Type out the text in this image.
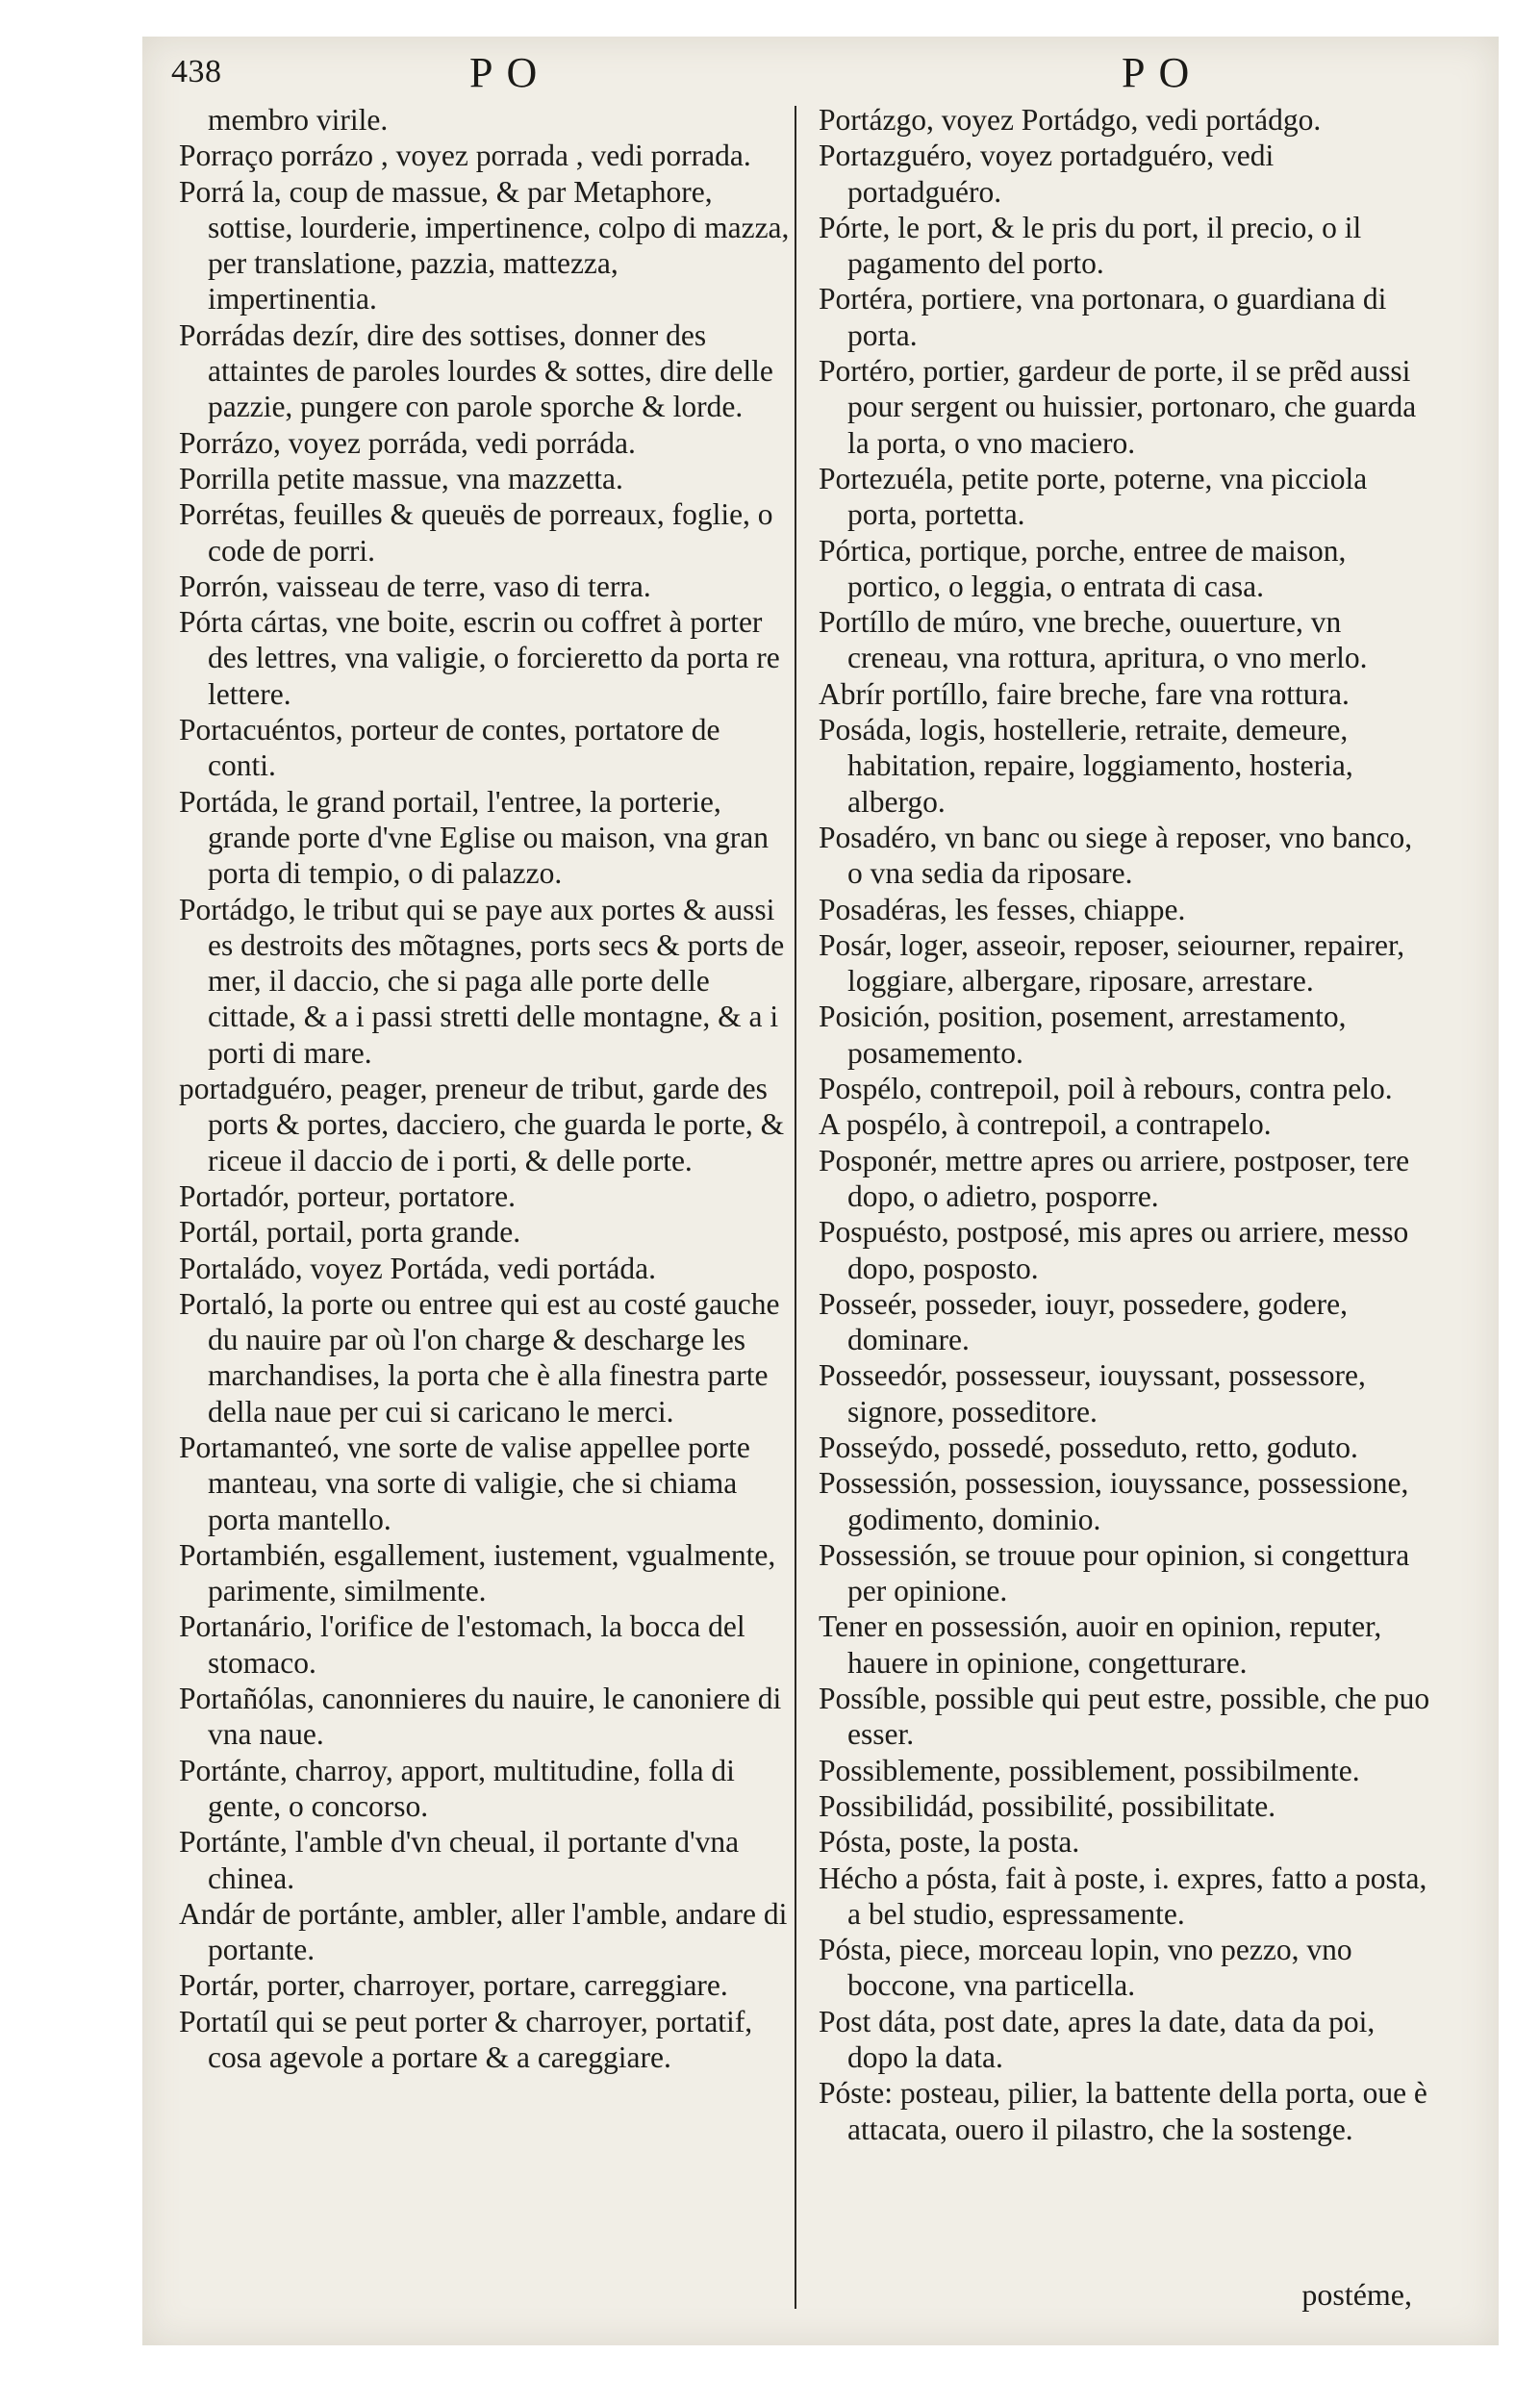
438	PO	PO

membro virile.

Porraço porrázo , voyez porrada , vedi porrada.

Porrá la, coup de massue, & par Metaphore, sottise, lourderie, impertinence, colpo di mazza, per translatione, pazzia, mattezza, impertinentia.

Porrádas dezír, dire des sottises, donner des attaintes de paroles lourdes & sottes, dire delle pazzie, pungere con parole sporche & lorde.

Porrázo, voyez porráda, vedi porráda.

Porrilla petite massue, vna mazzetta.

Porrétas, feuilles & queuës de porreaux, foglie, o code de porri.

Porrón, vaisseau de terre, vaso di terra.

Pórta cártas, vne boite, escrin ou coffret à porter des lettres, vna valigie, o forcieretto da porta re lettere.

Portacuéntos, porteur de contes, portatore de conti.

Portáda, le grand portail, l'entree, la porterie, grande porte d'vne Eglise ou maison, vna gran porta di tempio, o di palazzo.

Portádgo, le tribut qui se paye aux portes & aussi es destroits des mõtagnes, ports secs & ports de mer, il daccio, che si paga alle porte delle cittade, & a i passi stretti delle montagne, & a i porti di mare.

portadguéro, peager, preneur de tribut, garde des ports & portes, dacciero, che guarda le porte, & riceue il daccio de i porti, & delle porte.

Portadór, porteur, portatore.

Portál, portail, porta grande.

Portaládo, voyez Portáda, vedi portáda.

Portaló, la porte ou entree qui est au costé gauche du nauire par où l'on charge & descharge les marchandises, la porta che è alla finestra parte della naue per cui si caricano le merci.

Portamanteó, vne sorte de valise appellee porte manteau, vna sorte di valigie, che si chiama porta mantello.

Portambién, esgallement, iustement, vgualmente, parimente, similmente.

Portanário, l'orifice de l'estomach, la bocca del stomaco.

Portañólas, canonnieres du nauire, le canoniere di vna naue.

Portánte, charroy, apport, multitudine, folla di gente, o concorso.

Portánte, l'amble d'vn cheual, il portante d'vna chinea.

Andár de portánte, ambler, aller l'amble, andare di portante.

Portár, porter, charroyer, portare, carreggiare.

Portatíl qui se peut porter & charroyer, portatif, cosa agevole a portare & a careggiare.

Portázgo, voyez Portádgo, vedi portádgo.

Portazguéro, voyez portadguéro, vedi portadguéro.

Pórte, le port, & le pris du port, il precio, o il pagamento del porto.

Portéra, portiere, vna portonara, o guardiana di porta.

Portéro, portier, gardeur de porte, il se prẽd aussi pour sergent ou huissier, portonaro, che guarda la porta, o vno maciero.

Portezuéla, petite porte, poterne, vna picciola porta, portetta.

Pórtica, portique, porche, entree de maison, portico, o leggia, o entrata di casa.

Portíllo de múro, vne breche, ouuerture, vn creneau, vna rottura, apritura, o vno merlo.

Abrír portíllo, faire breche, fare vna rottura.

Posáda, logis, hostellerie, retraite, demeure, habitation, repaire, loggiamento, hosteria, albergo.

Posadéro, vn banc ou siege à reposer, vno banco, o vna sedia da riposare.

Posadéras, les fesses, chiappe.

Posár, loger, asseoir, reposer, seiourner, repairer, loggiare, albergare, riposare, arrestare.

Posición, position, posement, arrestamento, posamemento.

Pospélo, contrepoil, poil à rebours, contra pelo.

A pospélo, à contrepoil, a contrapelo.

Posponér, mettre apres ou arriere, postposer, tere dopo, o adietro, posporre.

Pospuésto, postposé, mis apres ou arriere, messo dopo, posposto.

Posseér, posseder, iouyr, possedere, godere, dominare.

Posseedór, possesseur, iouyssant, possessore, signore, posseditore.

Posseýdo, possedé, posseduto, retto, goduto.

Possessión, possession, iouyssance, possessione, godimento, dominio.

Possessión, se trouue pour opinion, si congettura per opinione.

Tener en possessión, auoir en opinion, reputer, hauere in opinione, congetturare.

Possíble, possible qui peut estre, possible, che puo esser.

Possiblemente, possiblement, possibilmente.

Possibilidád, possibilité, possibilitate.

Pósta, poste, la posta.

Hécho a pósta, fait à poste, i. expres, fatto a posta, a bel studio, espressamente.

Pósta, piece, morceau lopin, vno pezzo, vno boccone, vna particella.

Post dáta, post date, apres la date, data da poi, dopo la data.

Póste: posteau, pilier, la battente della porta, oue è attacata, ouero il pilastro, che la sostenge.

postéme,
